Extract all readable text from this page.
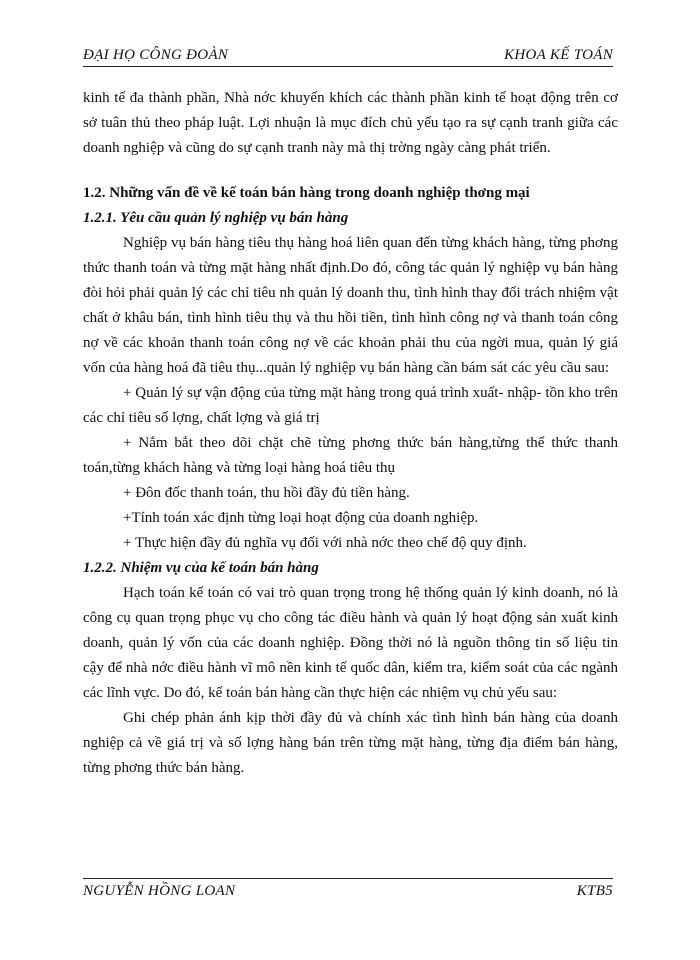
ĐẠI HỌ CÔNG ĐOÀN	KHOA KẾ TOÁN

kinh tế đa thành phần, Nhà nớc khuyến khích các thành phần kinh tế hoạt động trên cơ sở tuân thủ theo pháp luật. Lợi nhuận là mục đích chủ yếu tạo ra sự cạnh tranh giữa các doanh nghiệp và cũng do sự cạnh tranh này mà thị trờng ngày càng phát triển.

1.2. Những vấn đề về kế toán bán hàng trong doanh nghiệp thơng mại

1.2.1. Yêu cầu quản lý nghiệp vụ bán hàng

Nghiệp vụ bán hàng tiêu thụ hàng hoá liên quan đến từng khách hàng, từng phơng thức thanh toán và từng mặt hàng nhất định.Do đó, công tác quản lý nghiệp vụ bán hàng đòi hỏi phải quản lý các chỉ tiêu nh quản lý doanh thu, tình hình thay đổi trách nhiệm vật chất ở khâu bán, tình hình tiêu thụ và thu hồi tiền, tình hình công nợ và thanh toán công nợ về các khoản thanh toán công nợ về các khoản phải thu của ngời mua, quản lý giá vốn của hàng hoá đã tiêu thụ...quản lý nghiệp vụ bán hàng cần bám sát các yêu cầu sau:

+ Quản lý sự vận động của từng mặt hàng trong quá trình xuất- nhập- tồn kho trên các chỉ tiêu số lợng, chất lợng và giá trị

+ Nắm bắt theo dõi chặt chẽ từng phơng thức bán hàng,từng thể thức thanh toán,từng khách hàng và từng loại hàng hoá tiêu thụ

+ Đôn đốc thanh toán, thu hồi đầy đủ tiền hàng.

+Tính toán xác định từng loại hoạt động của doanh nghiệp.

+ Thực hiện đầy đủ nghĩa vụ đối với nhà nớc theo chế độ quy định.

1.2.2. Nhiệm vụ của kế toán bán hàng

Hạch toán kế toán có vai trò quan trọng trong hệ thống quản lý kinh doanh, nó là công cụ quan trọng phục vụ cho công tác điều hành và quản lý hoạt động sản xuất kinh doanh, quản lý vốn của các doanh nghiệp. Đồng thời nó là nguồn thông tin số liệu tin cậy để nhà nớc điều hành vĩ mô nền kinh tế quốc dân, kiểm tra, kiểm soát của các ngành các lĩnh vực. Do đó, kế toán bán hàng cần thực hiện các nhiệm vụ chủ yếu sau:

Ghi chép phản ánh kịp thời đầy đủ và chính xác tình hình bán hàng của doanh nghiệp cả về giá trị và số lợng hàng bán trên từng mặt hàng, từng địa điểm bán hàng, từng phơng thức bán hàng.

NGUYỄN HỒNG LOAN	KTB5
